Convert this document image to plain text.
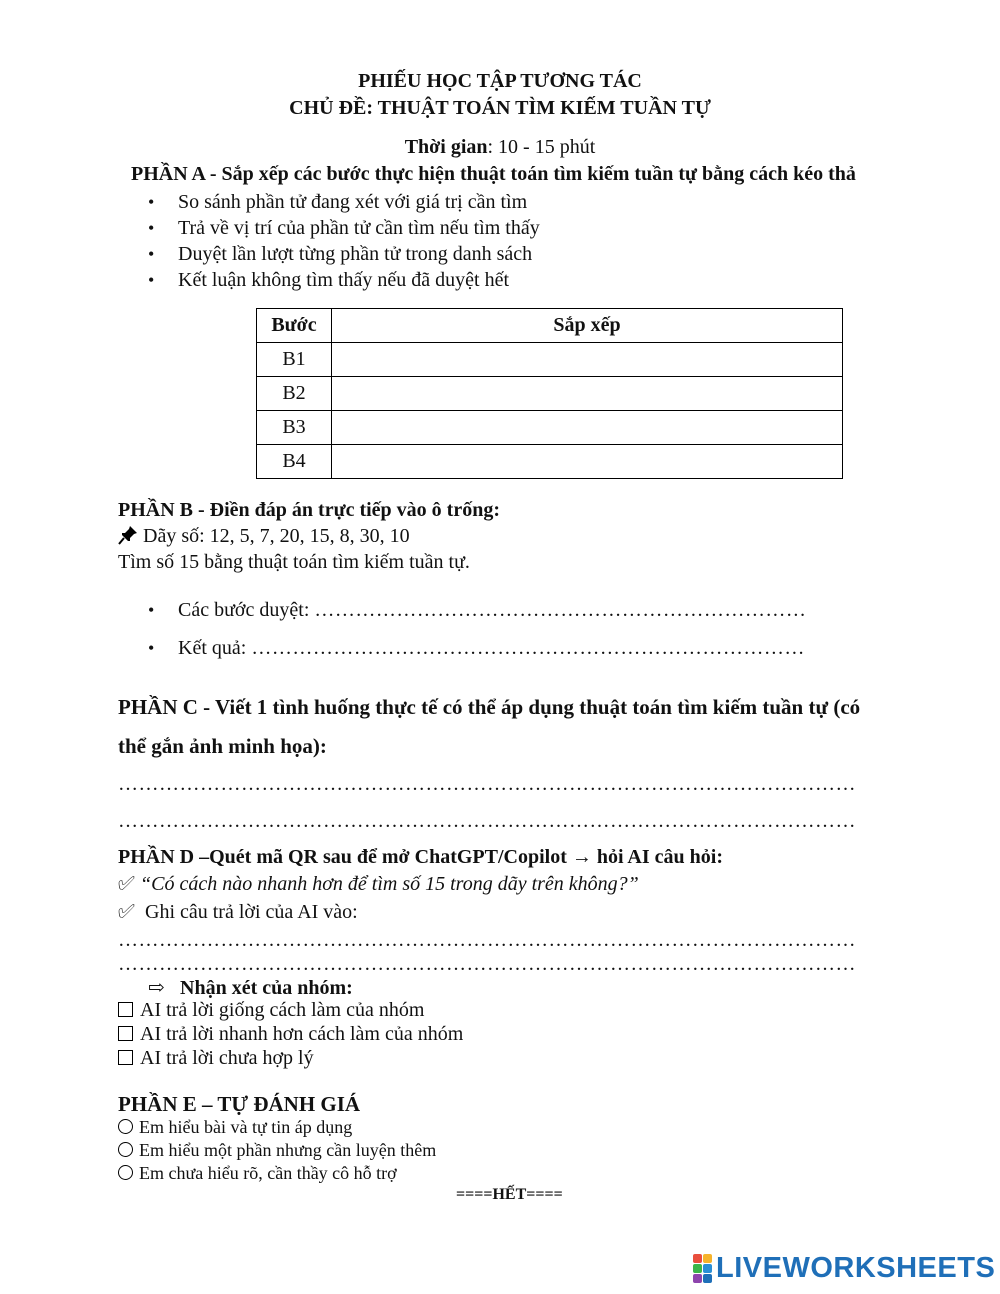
PHIẾU HỌC TẬP TƯƠNG TÁC
CHỦ ĐỀ: THUẬT TOÁN TÌM KIẾM TUẦN TỰ
Thời gian: 10 - 15 phút
PHẦN A - Sắp xếp các bước thực hiện thuật toán tìm kiếm tuần tự bằng cách kéo thả
• So sánh phần tử đang xét với giá trị cần tìm
• Trả về vị trí của phần tử cần tìm nếu tìm thấy
• Duyệt lần lượt từng phần tử trong danh sách
• Kết luận không tìm thấy nếu đã duyệt hết
Bước	Sắp xếp
B1	
B2	
B3	
B4	
PHẦN B - Điền đáp án trực tiếp vào ô trống:
Dãy số: 12, 5, 7, 20, 15, 8, 30, 10
Tìm số 15 bằng thuật toán tìm kiếm tuần tự.
• Các bước duyệt: ………………………………………………………………
• Kết quả: ………………………………………………………………………
PHẦN C - Viết 1 tình huống thực tế có thể áp dụng thuật toán tìm kiếm tuần tự (có
thể gắn ảnh minh họa):
………………………………………………………………………………………………
………………………………………………………………………………………………
PHẦN D –Quét mã QR sau để mở ChatGPT/Copilot → hỏi AI câu hỏi:
✅︎ “Có cách nào nhanh hơn để tìm số 15 trong dãy trên không?”
✅︎ Ghi câu trả lời của AI vào:
………………………………………………………………………………………………
………………………………………………………………………………………………
⇨ Nhận xét của nhóm:
AI trả lời giống cách làm của nhóm
AI trả lời nhanh hơn cách làm của nhóm
AI trả lời chưa hợp lý
PHẦN E – TỰ ĐÁNH GIÁ
Em hiểu bài và tự tin áp dụng
Em hiểu một phần nhưng cần luyện thêm
Em chưa hiểu rõ, cần thầy cô hỗ trợ
====HẾT====
LIVEWORKSHEETS
